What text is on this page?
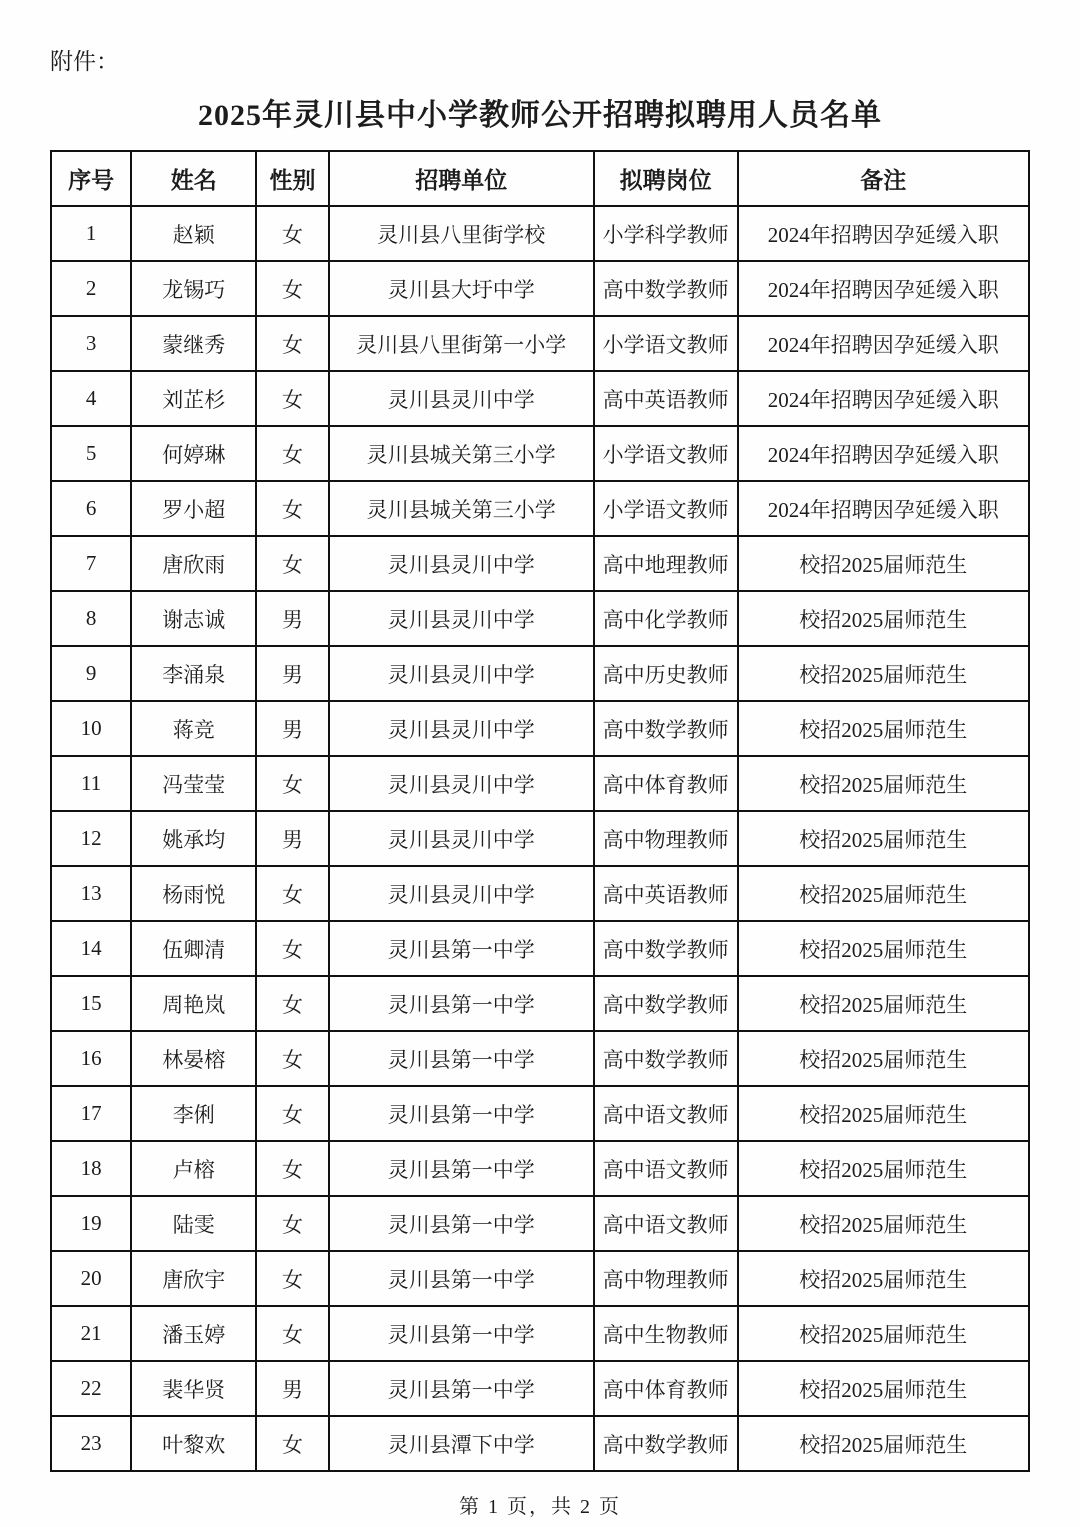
附件：
2025年灵川县中小学教师公开招聘拟聘用人员名单
序号	姓名	性别	招聘单位	拟聘岗位	备注
1	赵颖	女	灵川县八里街学校	小学科学教师	2024年招聘因孕延缓入职
2	龙锡巧	女	灵川县大圩中学	高中数学教师	2024年招聘因孕延缓入职
3	蒙继秀	女	灵川县八里街第一小学	小学语文教师	2024年招聘因孕延缓入职
4	刘芷杉	女	灵川县灵川中学	高中英语教师	2024年招聘因孕延缓入职
5	何婷琳	女	灵川县城关第三小学	小学语文教师	2024年招聘因孕延缓入职
6	罗小超	女	灵川县城关第三小学	小学语文教师	2024年招聘因孕延缓入职
7	唐欣雨	女	灵川县灵川中学	高中地理教师	校招2025届师范生
8	谢志诚	男	灵川县灵川中学	高中化学教师	校招2025届师范生
9	李涌泉	男	灵川县灵川中学	高中历史教师	校招2025届师范生
10	蒋竞	男	灵川县灵川中学	高中数学教师	校招2025届师范生
11	冯莹莹	女	灵川县灵川中学	高中体育教师	校招2025届师范生
12	姚承均	男	灵川县灵川中学	高中物理教师	校招2025届师范生
13	杨雨悦	女	灵川县灵川中学	高中英语教师	校招2025届师范生
14	伍卿清	女	灵川县第一中学	高中数学教师	校招2025届师范生
15	周艳岚	女	灵川县第一中学	高中数学教师	校招2025届师范生
16	林晏榕	女	灵川县第一中学	高中数学教师	校招2025届师范生
17	李俐	女	灵川县第一中学	高中语文教师	校招2025届师范生
18	卢榕	女	灵川县第一中学	高中语文教师	校招2025届师范生
19	陆雯	女	灵川县第一中学	高中语文教师	校招2025届师范生
20	唐欣宇	女	灵川县第一中学	高中物理教师	校招2025届师范生
21	潘玉婷	女	灵川县第一中学	高中生物教师	校招2025届师范生
22	裴华贤	男	灵川县第一中学	高中体育教师	校招2025届师范生
23	叶黎欢	女	灵川县潭下中学	高中数学教师	校招2025届师范生
第 1 页，共 2 页
